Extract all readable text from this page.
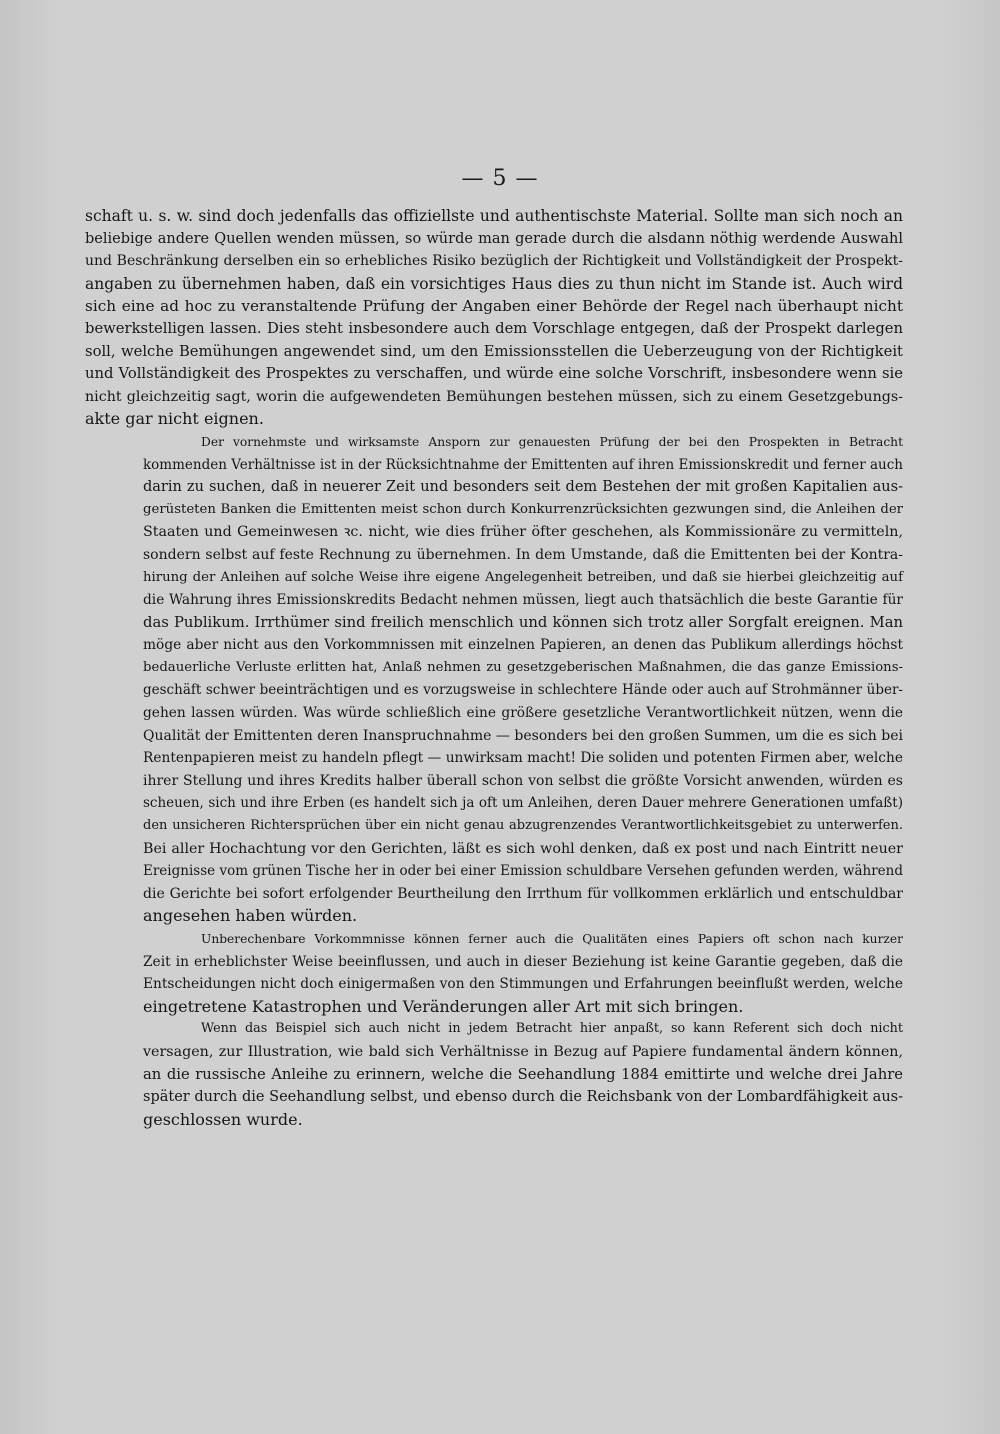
— 5 —

schaft u. s. w. sind doch jedenfalls das offiziellste und authentischste Material. Sollte man sich noch an
beliebige andere Quellen wenden müssen, so würde man gerade durch die alsdann nöthig werdende Auswahl
und Beschränkung derselben ein so erhebliches Risiko bezüglich der Richtigkeit und Vollständigkeit der Prospekt-
angaben zu übernehmen haben, daß ein vorsichtiges Haus dies zu thun nicht im Stande ist. Auch wird
sich eine ad hoc zu veranstaltende Prüfung der Angaben einer Behörde der Regel nach überhaupt nicht
bewerkstelligen lassen. Dies steht insbesondere auch dem Vorschlage entgegen, daß der Prospekt darlegen
soll, welche Bemühungen angewendet sind, um den Emissionsstellen die Ueberzeugung von der Richtigkeit
und Vollständigkeit des Prospektes zu verschaffen, und würde eine solche Vorschrift, insbesondere wenn sie
nicht gleichzeitig sagt, worin die aufgewendeten Bemühungen bestehen müssen, sich zu einem Gesetzgebungs-
akte gar nicht eignen.

Der vornehmste und wirksamste Ansporn zur genauesten Prüfung der bei den Prospekten in Betracht
kommenden Verhältnisse ist in der Rücksichtnahme der Emittenten auf ihren Emissionskredit und ferner auch
darin zu suchen, daß in neuerer Zeit und besonders seit dem Bestehen der mit großen Kapitalien aus-
gerüsteten Banken die Emittenten meist schon durch Konkurrenzrücksichten gezwungen sind, die Anleihen der
Staaten und Gemeinwesen ꝛc. nicht, wie dies früher öfter geschehen, als Kommissionäre zu vermitteln,
sondern selbst auf feste Rechnung zu übernehmen. In dem Umstande, daß die Emittenten bei der Kontra-
hirung der Anleihen auf solche Weise ihre eigene Angelegenheit betreiben, und daß sie hierbei gleichzeitig auf
die Wahrung ihres Emissionskredits Bedacht nehmen müssen, liegt auch thatsächlich die beste Garantie für
das Publikum. Irrthümer sind freilich menschlich und können sich trotz aller Sorgfalt ereignen. Man
möge aber nicht aus den Vorkommnissen mit einzelnen Papieren, an denen das Publikum allerdings höchst
bedauerliche Verluste erlitten hat, Anlaß nehmen zu gesetzgeberischen Maßnahmen, die das ganze Emissions-
geschäft schwer beeinträchtigen und es vorzugsweise in schlechtere Hände oder auch auf Strohmänner über-
gehen lassen würden. Was würde schließlich eine größere gesetzliche Verantwortlichkeit nützen, wenn die
Qualität der Emittenten deren Inanspruchnahme — besonders bei den großen Summen, um die es sich bei
Rentenpapieren meist zu handeln pflegt — unwirksam macht! Die soliden und potenten Firmen aber, welche
ihrer Stellung und ihres Kredits halber überall schon von selbst die größte Vorsicht anwenden, würden es
scheuen, sich und ihre Erben (es handelt sich ja oft um Anleihen, deren Dauer mehrere Generationen umfaßt)
den unsicheren Richtersprüchen über ein nicht genau abzugrenzendes Verantwortlichkeitsgebiet zu unterwerfen.
Bei aller Hochachtung vor den Gerichten, läßt es sich wohl denken, daß ex post und nach Eintritt neuer
Ereignisse vom grünen Tische her in oder bei einer Emission schuldbare Versehen gefunden werden, während
die Gerichte bei sofort erfolgender Beurtheilung den Irrthum für vollkommen erklärlich und entschuldbar
angesehen haben würden.

Unberechenbare Vorkommnisse können ferner auch die Qualitäten eines Papiers oft schon nach kurzer
Zeit in erheblichster Weise beeinflussen, und auch in dieser Beziehung ist keine Garantie gegeben, daß die
Entscheidungen nicht doch einigermaßen von den Stimmungen und Erfahrungen beeinflußt werden, welche
eingetretene Katastrophen und Veränderungen aller Art mit sich bringen.

Wenn das Beispiel sich auch nicht in jedem Betracht hier anpaßt, so kann Referent sich doch nicht
versagen, zur Illustration, wie bald sich Verhältnisse in Bezug auf Papiere fundamental ändern können,
an die russische Anleihe zu erinnern, welche die Seehandlung 1884 emittirte und welche drei Jahre
später durch die Seehandlung selbst, und ebenso durch die Reichsbank von der Lombardfähigkeit aus-
geschlossen wurde.
